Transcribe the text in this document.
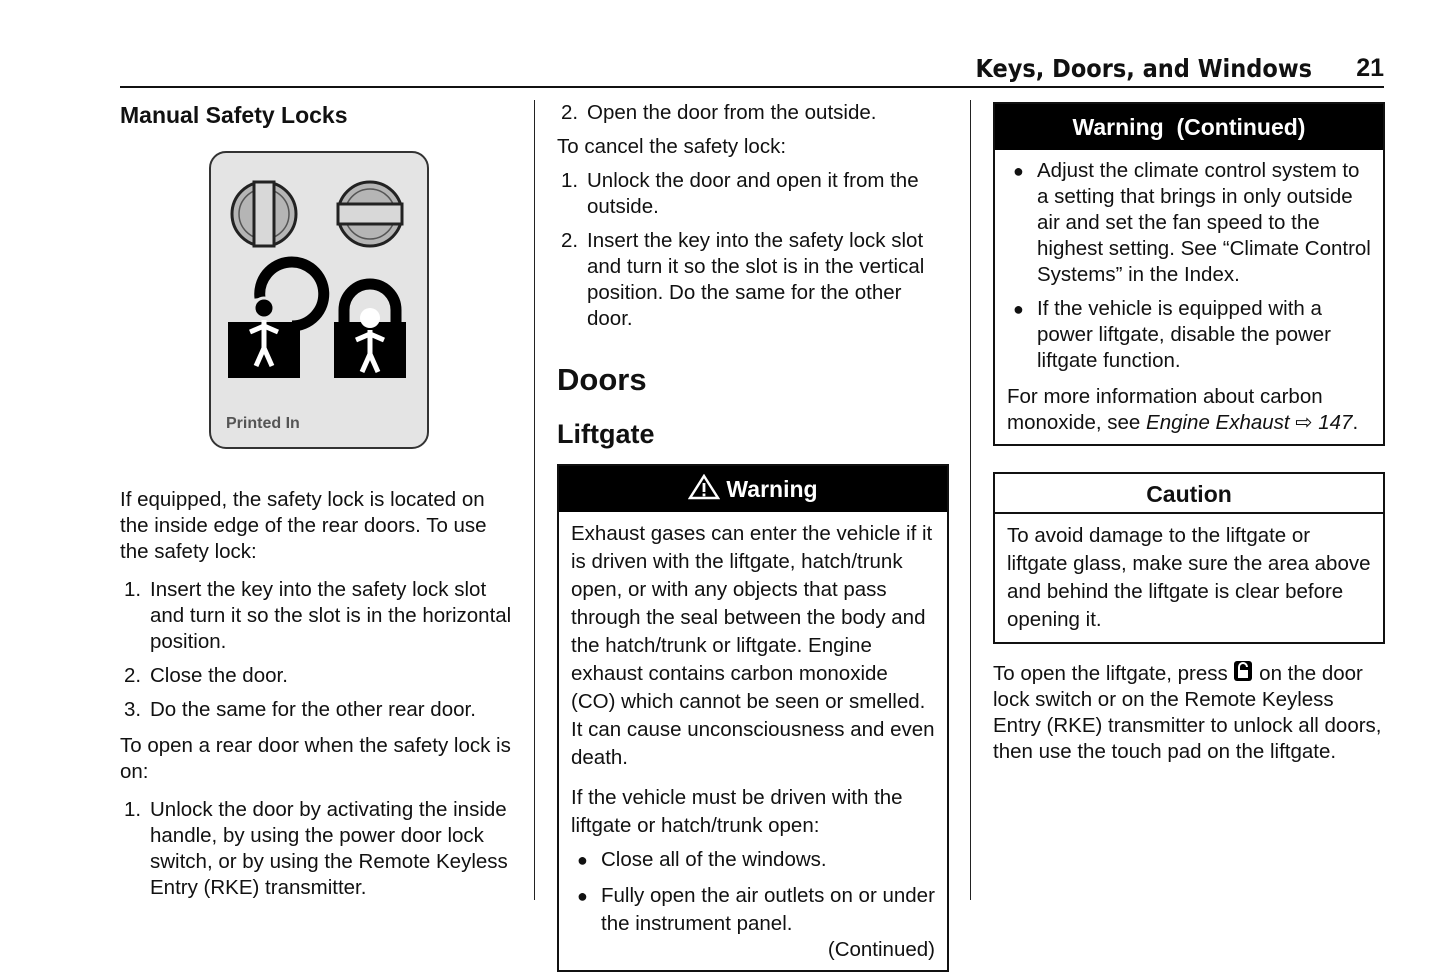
Keys, Doors, and Windows 21
Manual Safety Locks
Printed In

If equipped, the safety lock is located on the inside edge of the rear doors. To use the safety lock:

1. Insert the key into the safety lock slot and turn it so the slot is in the horizontal position.
2. Close the door.
3. Do the same for the other rear door.

To open a rear door when the safety lock is on:

1. Unlock the door by activating the inside handle, by using the power door lock switch, or by using the Remote Keyless Entry (RKE) transmitter.
2. Open the door from the outside.

To cancel the safety lock:

1. Unlock the door and open it from the outside.
2. Insert the key into the safety lock slot and turn it so the slot is in the vertical position. Do the same for the other door.
Doors
Liftgate
Warning

Exhaust gases can enter the vehicle if it is driven with the liftgate, hatch/trunk open, or with any objects that pass through the seal between the body and the hatch/trunk or liftgate. Engine exhaust contains carbon monoxide (CO) which cannot be seen or smelled. It can cause unconsciousness and even death.

If the vehicle must be driven with the liftgate or hatch/trunk open:

● Close all of the windows.
● Fully open the air outlets on or under the instrument panel.
(Continued)
Warning  (Continued)
● Adjust the climate control system to a setting that brings in only outside air and set the fan speed to the highest setting. See “Climate Control Systems” in the Index.
● If the vehicle is equipped with a power liftgate, disable the power liftgate function.

For more information about carbon monoxide, see Engine Exhaust ⇨ 147.

Caution

To avoid damage to the liftgate or liftgate glass, make sure the area above and behind the liftgate is clear before opening it.

To open the liftgate, press  on the door lock switch or on the Remote Keyless Entry (RKE) transmitter to unlock all doors, then use the touch pad on the liftgate.
